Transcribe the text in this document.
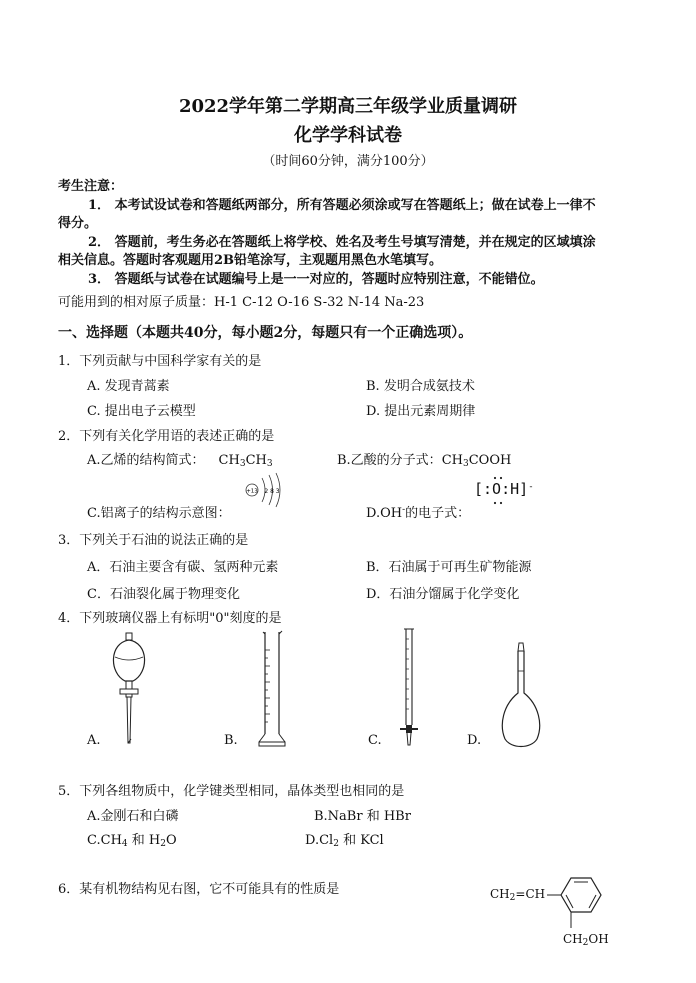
2022学年第二学期高三年级学业质量调研
化学学科试卷
（时间60分钟，满分100分）
考生注意：
1． 本考试设试卷和答题纸两部分，所有答题必须涂或写在答题纸上；做在试卷上一律不
得分。
2． 答题前，考生务必在答题纸上将学校、姓名及考生号填写清楚，并在规定的区域填涂
相关信息。答题时客观题用2B铅笔涂写，主观题用黑色水笔填写。
3． 答题纸与试卷在试题编号上是一一对应的，答题时应特别注意，不能错位。
可能用到的相对原子质量：H-1 C-12 O-16 S-32 N-14 Na-23
一、选择题（本题共40分，每小题2分，每题只有一个正确选项）。
1．下列贡献与中国科学家有关的是
A. 发现青蒿素	B. 发明合成氨技术
C. 提出电子云模型	D. 提出元素周期律
2．下列有关化学用语的表述正确的是
A.乙烯的结构简式： $CH_3CH_3$	B.乙酸的分子式：$CH_3COOH$
C.铝离子的结构示意图：
+13 2 8 3
D.OH-的电子式：
[:O:H]-
3．下列关于石油的说法正确的是
A．石油主要含有碳、氢两种元素	B．石油属于可再生矿物能源
C．石油裂化属于物理变化	D．石油分馏属于化学变化
4．下列玻璃仪器上有标明"0"刻度的是
A.	B.	C.	D.
5．下列各组物质中，化学键类型相同，晶体类型也相同的是
A.金刚石和白磷	B.NaBr 和 HBr
$C.CH_4$ 和 $H_2O$	$D.Cl_2$ 和 KCl
6．某有机物结构见右图，它不可能具有的性质是	$CH_2=CH$
$CH_2OH$
